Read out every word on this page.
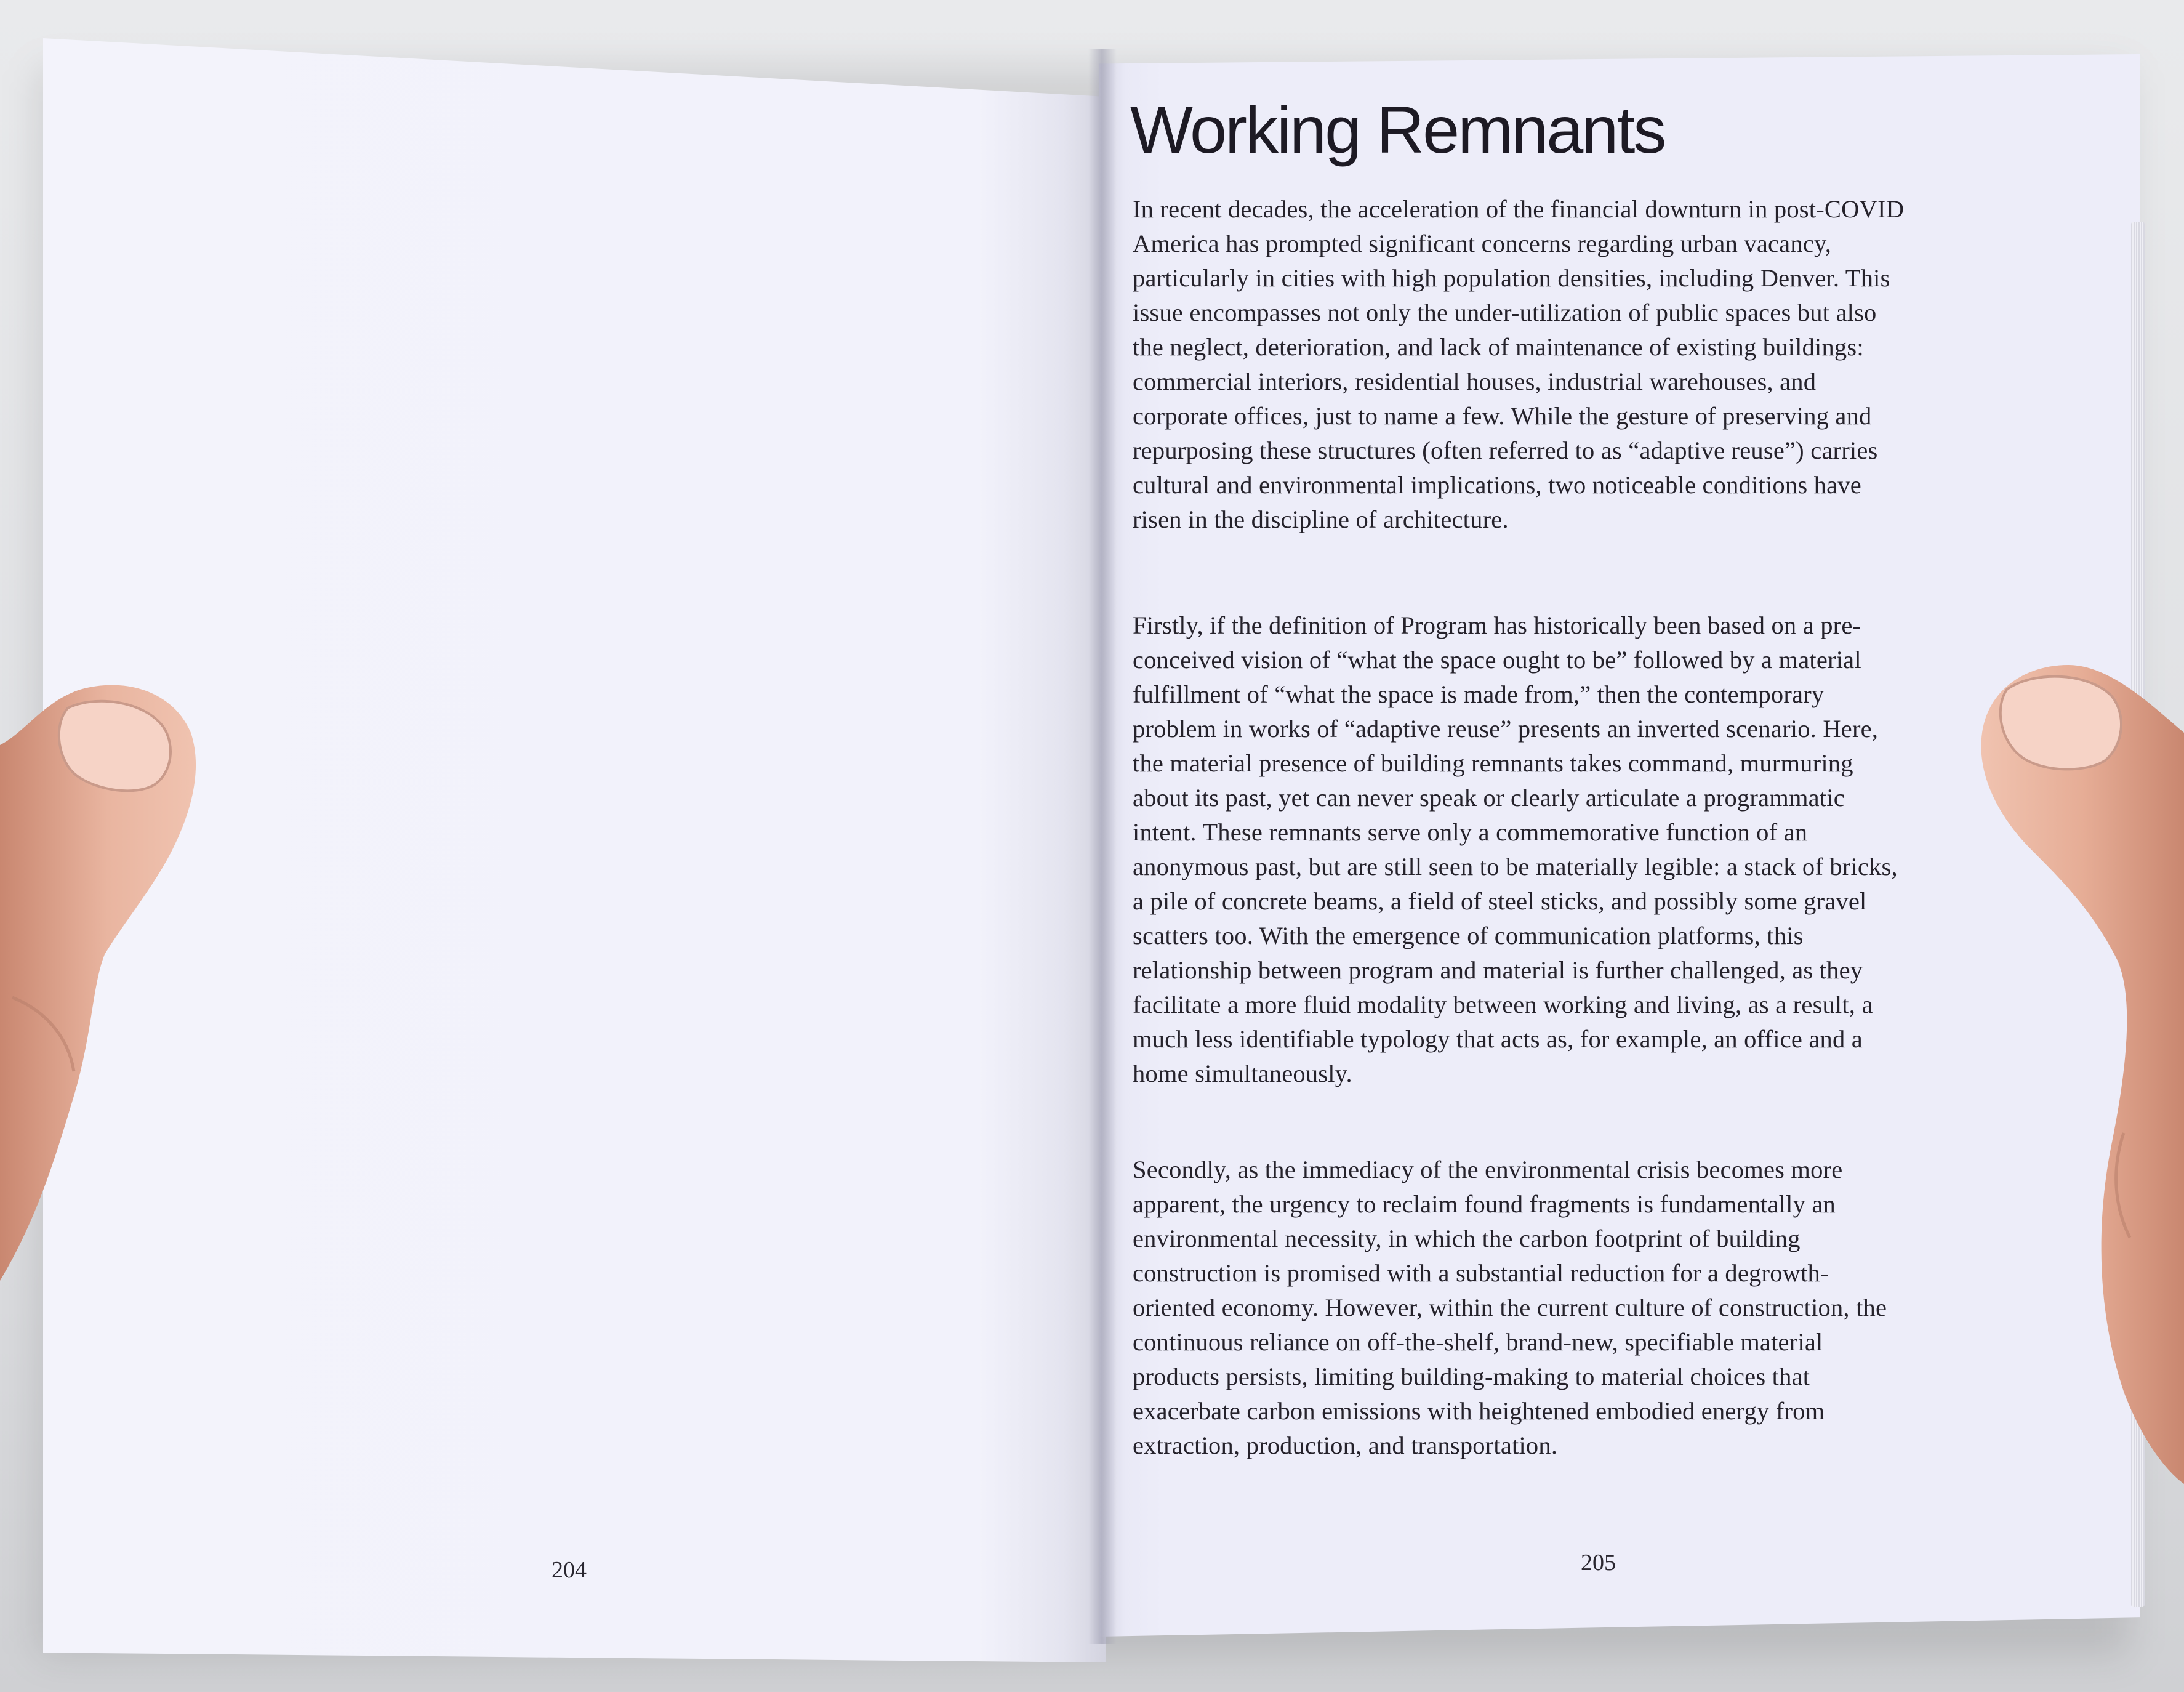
Working Remnants

In recent decades, the acceleration of the financial downturn in post-COVID America has prompted significant concerns regarding urban vacancy, particularly in cities with high population densities, including Denver. This issue encompasses not only the under-utilization of public spaces but also the neglect, deterioration, and lack of maintenance of existing buildings: commercial interiors, residential houses, industrial warehouses, and corporate offices, just to name a few. While the gesture of preserving and repurposing these structures (often referred to as “adaptive reuse”) carries cultural and environmental implications, two noticeable conditions have risen in the discipline of architecture.

Firstly, if the definition of Program has historically been based on a pre-conceived vision of “what the space ought to be” followed by a material fulfillment of “what the space is made from,” then the contemporary problem in works of “adaptive reuse” presents an inverted scenario. Here, the material presence of building remnants takes command, murmuring about its past, yet can never speak or clearly articulate a programmatic intent. These remnants serve only a commemorative function of an anonymous past, but are still seen to be materially legible: a stack of bricks, a pile of concrete beams, a field of steel sticks, and possibly some gravel scatters too. With the emergence of communication platforms, this relationship between program and material is further challenged, as they facilitate a more fluid modality between working and living, as a result, a much less identifiable typology that acts as, for example, an office and a home simultaneously.

Secondly, as the immediacy of the environmental crisis becomes more apparent, the urgency to reclaim found fragments is fundamentally an environmental necessity, in which the carbon footprint of building construction is promised with a substantial reduction for a degrowth-oriented economy. However, within the current culture of construction, the continuous reliance on off-the-shelf, brand-new, specifiable material products persists, limiting building-making to material choices that exacerbate carbon emissions with heightened embodied energy from extraction, production, and transportation.

204	205
